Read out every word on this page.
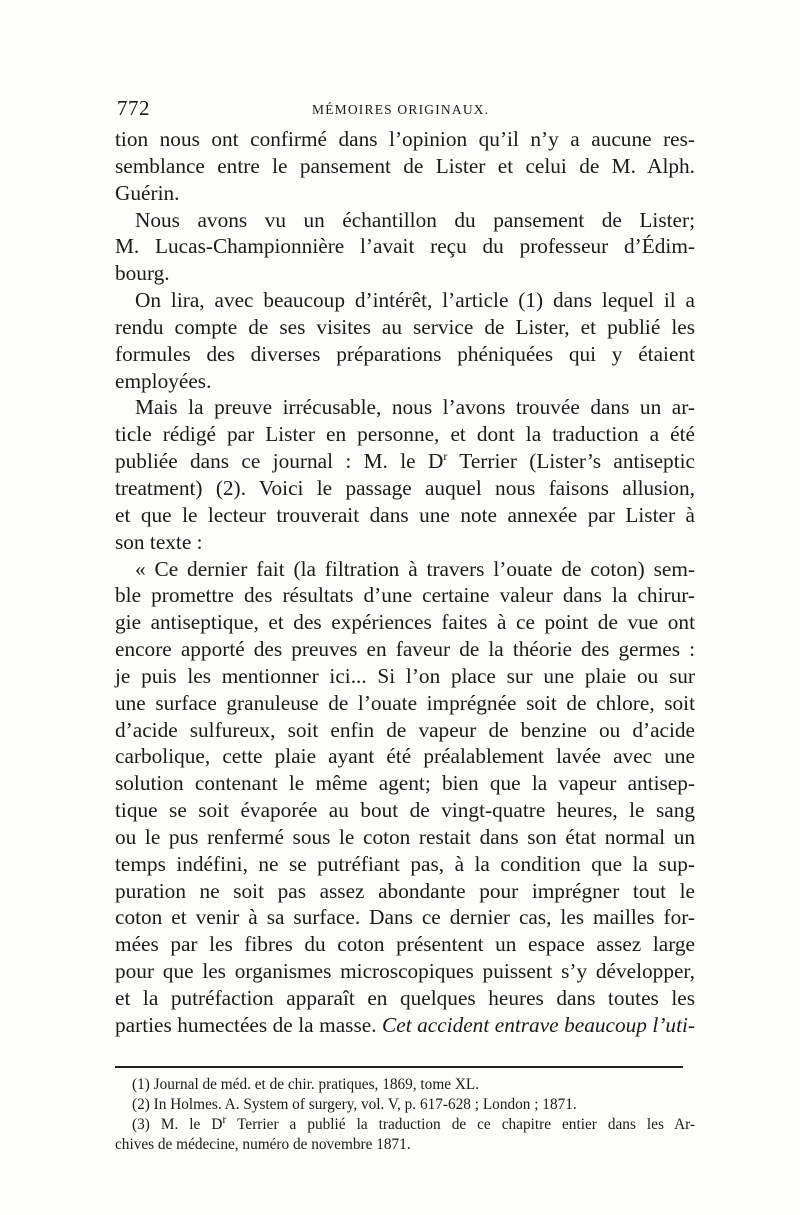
772	MÉMOIRES ORIGINAUX.
tion nous ont confirmé dans l’opinion qu’il n’y a aucune res-
semblance entre le pansement de Lister et celui de M. Alph.
Guérin.
Nous avons vu un échantillon du pansement de Lister;
M. Lucas-Championnière l’avait reçu du professeur d’Édim-
bourg.
On lira, avec beaucoup d’intérêt, l’article (1) dans lequel il a
rendu compte de ses visites au service de Lister, et publié les
formules des diverses préparations phéniquées qui y étaient
employées.
Mais la preuve irrécusable, nous l’avons trouvée dans un ar-
ticle rédigé par Lister en personne, et dont la traduction a été
publiée dans ce journal : M. le $D^r$ Terrier (Lister’s antiseptic
treatment) (2). Voici le passage auquel nous faisons allusion,
et que le lecteur trouverait dans une note annexée par Lister à
son texte :
« Ce dernier fait (la filtration à travers l’ouate de coton) sem-
ble promettre des résultats d’une certaine valeur dans la chirur-
gie antiseptique, et des expériences faites à ce point de vue ont
encore apporté des preuves en faveur de la théorie des germes :
je puis les mentionner ici... Si l’on place sur une plaie ou sur
une surface granuleuse de l’ouate imprégnée soit de chlore, soit
d’acide sulfureux, soit enfin de vapeur de benzine ou d’acide
carbolique, cette plaie ayant été préalablement lavée avec une
solution contenant le même agent; bien que la vapeur antisep-
tique se soit évaporée au bout de vingt-quatre heures, le sang
ou le pus renfermé sous le coton restait dans son état normal un
temps indéfini, ne se putréfiant pas, à la condition que la sup-
puration ne soit pas assez abondante pour imprégner tout le
coton et venir à sa surface. Dans ce dernier cas, les mailles for-
mées par les fibres du coton présentent un espace assez large
pour que les organismes microscopiques puissent s’y développer,
et la putréfaction apparaît en quelques heures dans toutes les
parties humectées de la masse. Cet accident entrave beaucoup l’uti-
(1) Journal de méd. et de chir. pratiques, 1869, tome XL.
(2) In Holmes. A. System of surgery, vol. V, p. 617-628 ; London ; 1871.
(3) M. le $D^r$ Terrier a publié la traduction de ce chapitre entier dans les Ar-
chives de médecine, numéro de novembre 1871.
